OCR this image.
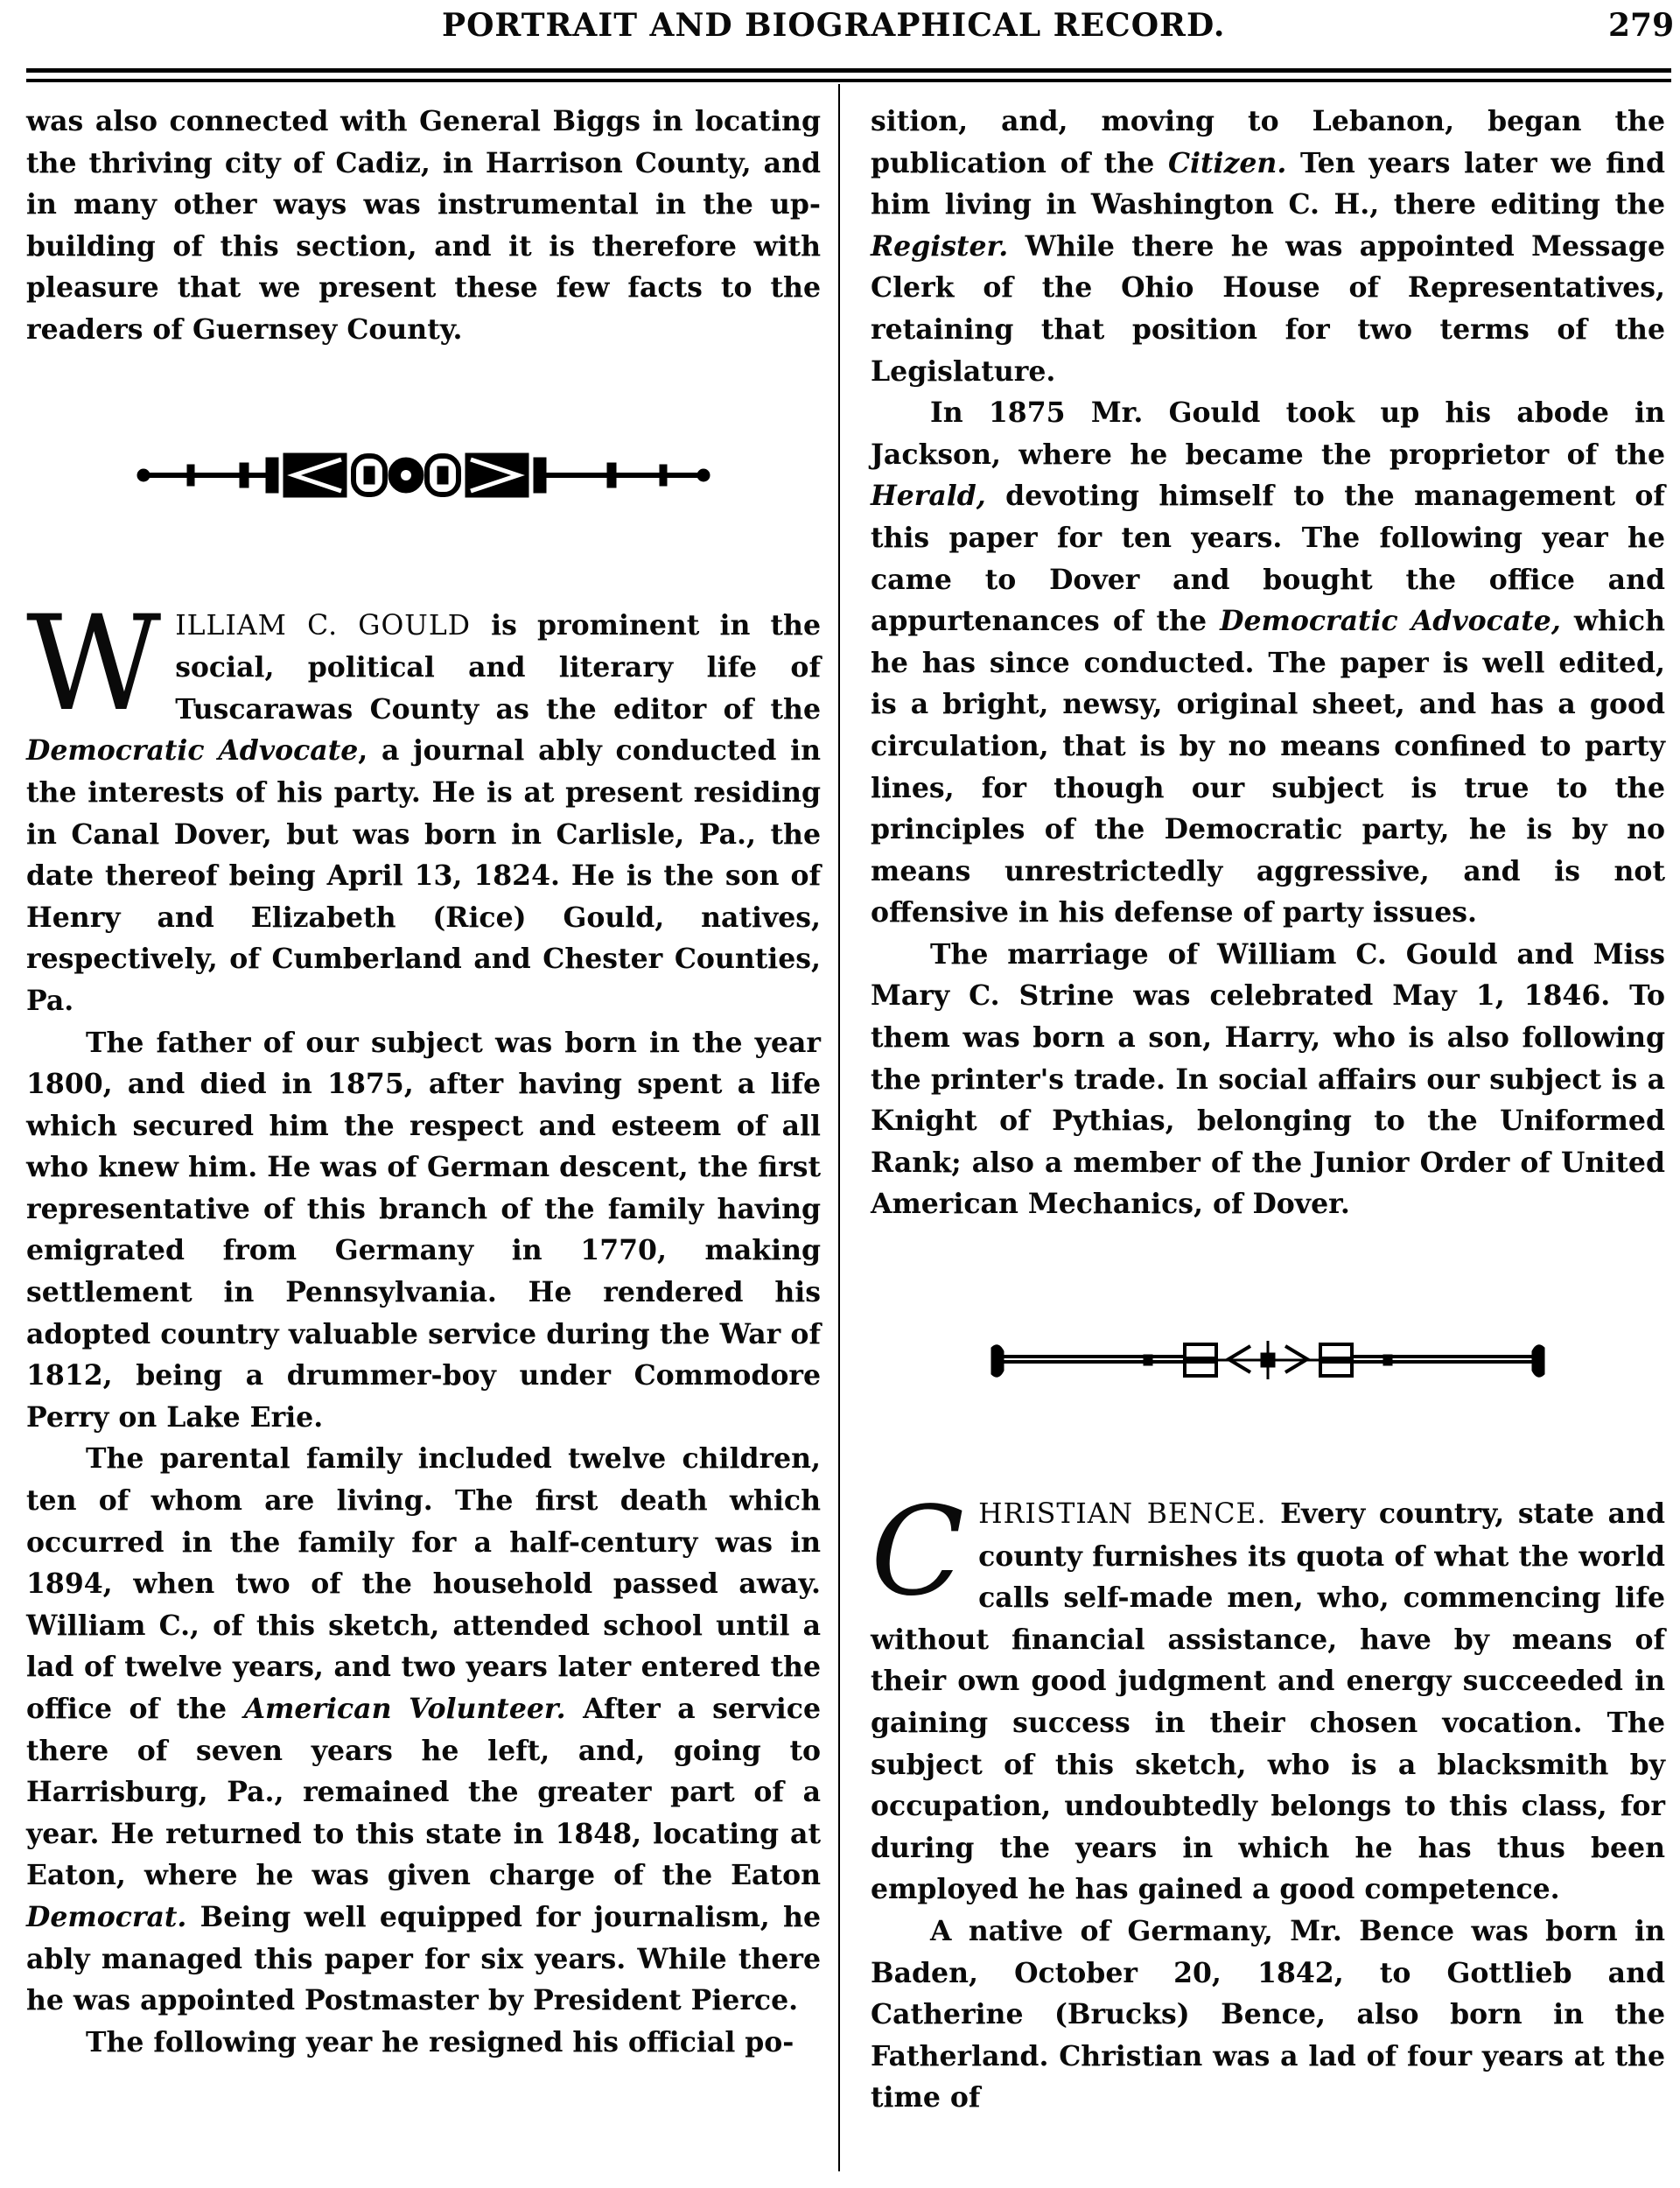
PORTRAIT AND BIOGRAPHICAL RECORD.	279

was also connected with General Biggs in locating the thriving city of Cadiz, in Harrison County, and in many other ways was instrumental in the up-building of this section, and it is therefore with pleasure that we present these few facts to the readers of Guernsey County.

WILLIAM C. GOULD is prominent in the social, political and literary life of Tuscarawas County as the editor of the Democratic Advocate, a journal ably conducted in the interests of his party. He is at present residing in Canal Dover, but was born in Carlisle, Pa., the date thereof being April 13, 1824. He is the son of Henry and Elizabeth (Rice) Gould, natives, respectively, of Cumberland and Chester Counties, Pa.

The father of our subject was born in the year 1800, and died in 1875, after having spent a life which secured him the respect and esteem of all who knew him. He was of German descent, the first representative of this branch of the family having emigrated from Germany in 1770, making settlement in Pennsylvania. He rendered his adopted country valuable service during the War of 1812, being a drummer-boy under Commodore Perry on Lake Erie.

The parental family included twelve children, ten of whom are living. The first death which occurred in the family for a half-century was in 1894, when two of the household passed away. William C., of this sketch, attended school until a lad of twelve years, and two years later entered the office of the American Volunteer. After a service there of seven years he left, and, going to Harrisburg, Pa., remained the greater part of a year. He returned to this state in 1848, locating at Eaton, where he was given charge of the Eaton Democrat. Being well equipped for journalism, he ably managed this paper for six years. While there he was appointed Postmaster by President Pierce.

The following year he resigned his official po-

sition, and, moving to Lebanon, began the publication of the Citizen. Ten years later we find him living in Washington C. H., there editing the Register. While there he was appointed Message Clerk of the Ohio House of Representatives, retaining that position for two terms of the Legislature.

In 1875 Mr. Gould took up his abode in Jackson, where he became the proprietor of the Herald, devoting himself to the management of this paper for ten years. The following year he came to Dover and bought the office and appurtenances of the Democratic Advocate, which he has since conducted. The paper is well edited, is a bright, newsy, original sheet, and has a good circulation, that is by no means confined to party lines, for though our subject is true to the principles of the Democratic party, he is by no means unrestrictedly aggressive, and is not offensive in his defense of party issues.

The marriage of William C. Gould and Miss Mary C. Strine was celebrated May 1, 1846. To them was born a son, Harry, who is also following the printer's trade. In social affairs our subject is a Knight of Pythias, belonging to the Uniformed Rank; also a member of the Junior Order of United American Mechanics, of Dover.

CHRISTIAN BENCE. Every country, state and county furnishes its quota of what the world calls self-made men, who, commencing life without financial assistance, have by means of their own good judgment and energy succeeded in gaining success in their chosen vocation. The subject of this sketch, who is a blacksmith by occupation, undoubtedly belongs to this class, for during the years in which he has thus been employed he has gained a good competence.

A native of Germany, Mr. Bence was born in Baden, October 20, 1842, to Gottlieb and Catherine (Brucks) Bence, also born in the Fatherland. Christian was a lad of four years at the time of
